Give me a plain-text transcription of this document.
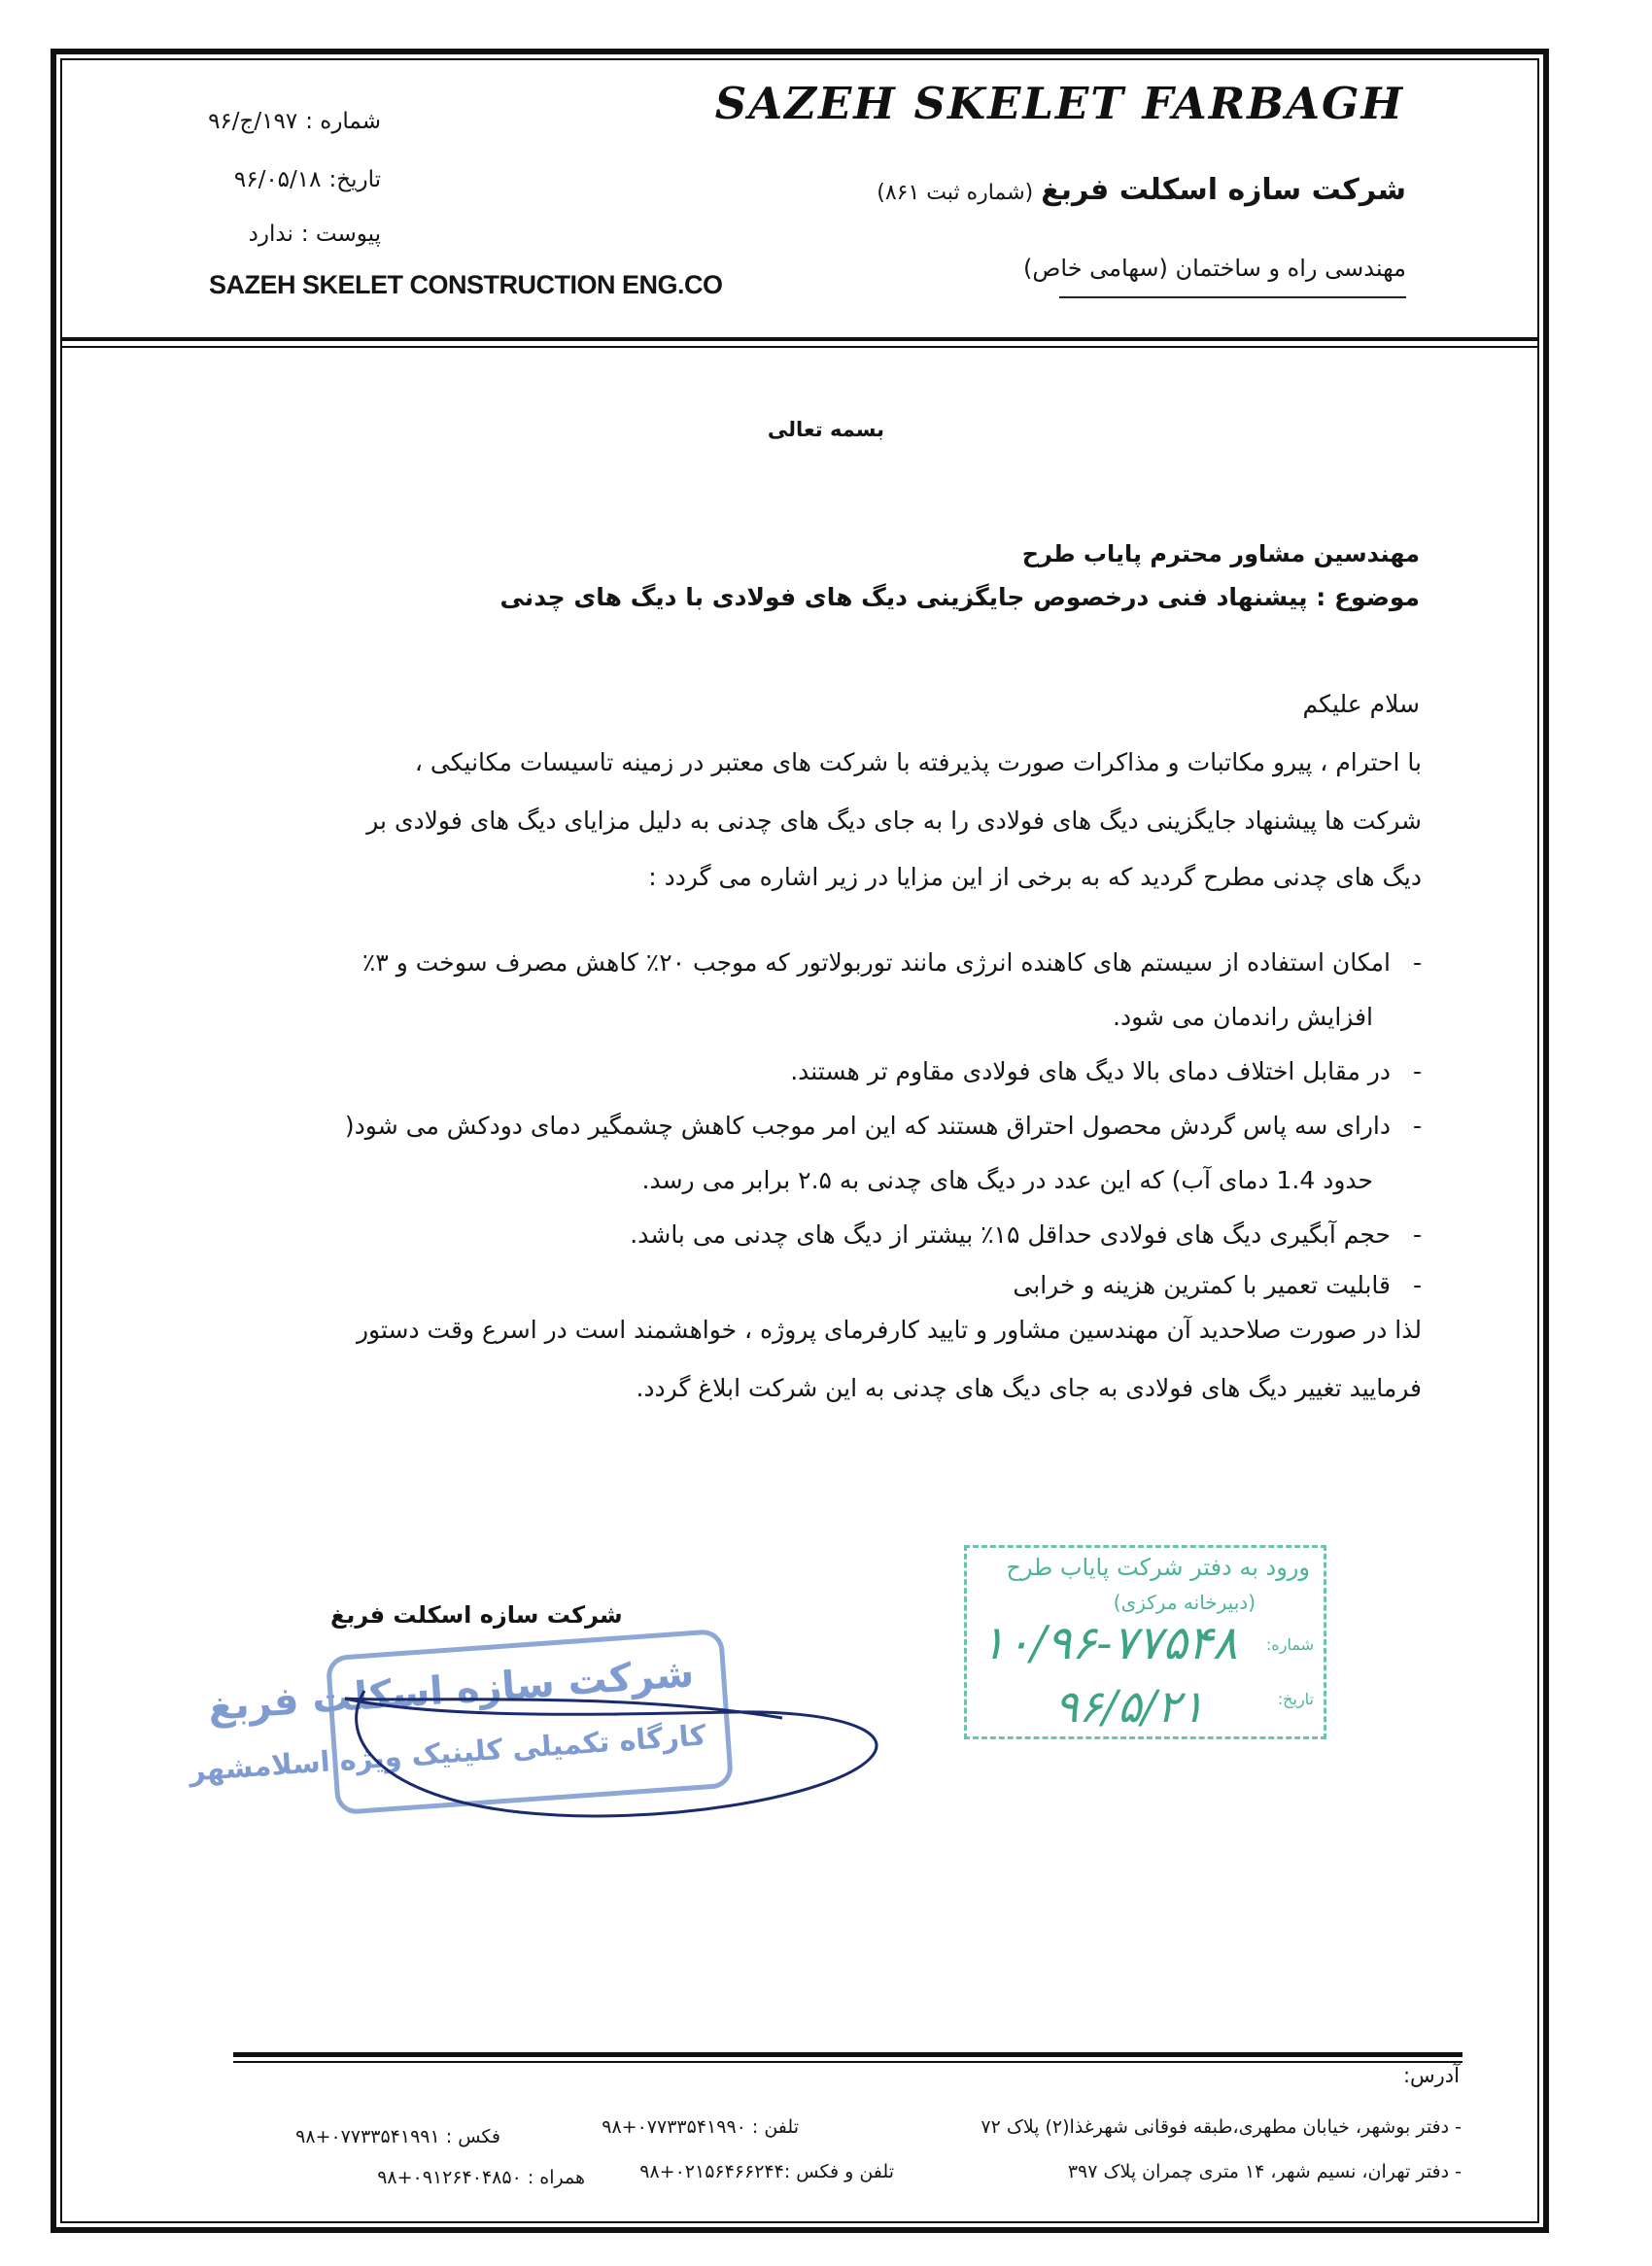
SAZEH SKELET FARBAGH
شرکت سازه اسکلت فربغ(شماره ثبت ۸۶۱)
مهندسی راه و ساختمان (سهامی خاص)
SAZEH SKELET CONSTRUCTION ENG.CO
شماره :۱۹۷/ج/۹۶
تاریخ:۹۶/۰۵/۱۸
پیوست :ندارد
بسمه تعالی
مهندسین مشاور محترم پایاب طرح
موضوع : پیشنهاد فنی درخصوص جایگزینی دیگ های فولادی با دیگ های چدنی
سلام علیکم
با احترام ، پیرو مکاتبات و مذاکرات صورت پذیرفته با شرکت های معتبر در زمینه تاسیسات مکانیکی ،
شرکت ها پیشنهاد جایگزینی دیگ های فولادی را به جای دیگ های چدنی به دلیل مزایای دیگ های فولادی بر
دیگ های چدنی مطرح گردید که به برخی از این مزایا در زیر اشاره می گردد :
-امکان استفاده از سیستم های کاهنده انرژی مانند توربولاتور که موجب ۲۰٪ کاهش مصرف سوخت و ۳٪
افزایش راندمان می شود.
-در مقابل اختلاف دمای بالا دیگ های فولادی مقاوم تر هستند.
-دارای سه پاس گردش محصول احتراق هستند که این امر موجب کاهش چشمگیر دمای دودکش می شود(
حدود 1.4 دمای آب) که این عدد در دیگ های چدنی به ۲.۵ برابر می رسد.
-حجم آبگیری دیگ های فولادی حداقل ۱۵٪ بیشتر از دیگ های چدنی می باشد.
-قابلیت تعمیر با کمترین هزینه و خرابی
لذا در صورت صلاحدید آن مهندسین مشاور و تایید کارفرمای پروژه ، خواهشمند است در اسرع وقت دستور
فرمایید تغییر دیگ های فولادی به جای دیگ های چدنی به این شرکت ابلاغ گردد.
شرکت سازه اسکلت فربغ
شرکت سازه اسکلت فربغ
کارگاه تکمیلی کلینیک ویژه اسلامشهر
ورود به دفتر شرکت پایاب طرح
(دبیرخانه مرکزی)
شماره:
تاریخ:
۱۰/۹۶-۷۷۵۴۸
۹۶/۵/۲۱
آدرس:
- دفتر بوشهر، خیابان مطهری،طبقه فوقانی شهرغذا(۲) پلاک ۷۲
تلفن : ۰۷۷۳۳۵۴۱۹۹۰+۹۸
فکس : ۰۷۷۳۳۵۴۱۹۹۱+۹۸
- دفتر تهران، نسیم شهر، ۱۴ متری چمران پلاک ۳۹۷
تلفن و فکس :۰۲۱۵۶۴۶۶۲۴۴+۹۸
همراه : ۰۹۱۲۶۴۰۴۸۵۰+۹۸
